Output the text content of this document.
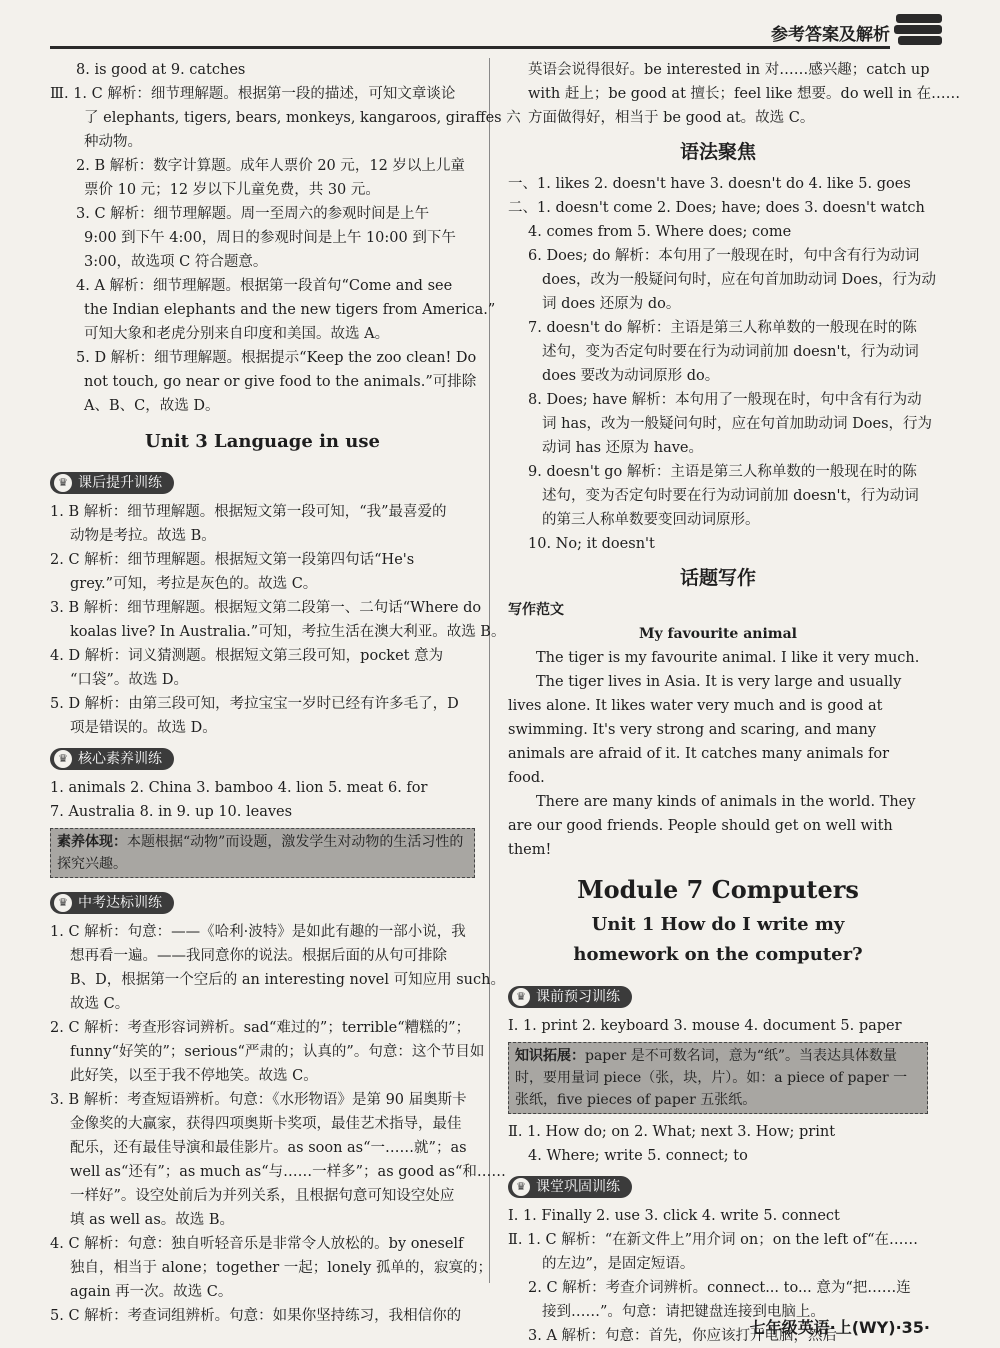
参考答案及解析
8. is good at 9. catches
Ⅲ. 1. C 解析：细节理解题。根据第一段的描述，可知文章谈论
了 elephants, tigers, bears, monkeys, kangaroos, giraffes 六
种动物。
2. B 解析：数字计算题。成年人票价 20 元，12 岁以上儿童
票价 10 元；12 岁以下儿童免费，共 30 元。
3. C 解析：细节理解题。周一至周六的参观时间是上午
9:00 到下午 4:00，周日的参观时间是上午 10:00 到下午
3:00，故选项 C 符合题意。
4. A 解析：细节理解题。根据第一段首句“Come and see
the Indian elephants and the new tigers from America.”
可知大象和老虎分别来自印度和美国。故选 A。
5. D 解析：细节理解题。根据提示“Keep the zoo clean! Do
not touch, go near or give food to the animals.”可排除
A、B、C，故选 D。
Unit 3 Language in use
♛ 课后提升训练
1. B 解析：细节理解题。根据短文第一段可知，“我”最喜爱的
动物是考拉。故选 B。
2. C 解析：细节理解题。根据短文第一段第四句话“He's
grey.”可知，考拉是灰色的。故选 C。
3. B 解析：细节理解题。根据短文第二段第一、二句话“Where do
koalas live? In Australia.”可知，考拉生活在澳大利亚。故选 B。
4. D 解析：词义猜测题。根据短文第三段可知，pocket 意为
“口袋”。故选 D。
5. D 解析：由第三段可知，考拉宝宝一岁时已经有许多毛了，D
项是错误的。故选 D。
♛ 核心素养训练
1. animals 2. China 3. bamboo 4. lion 5. meat 6. for
7. Australia 8. in 9. up 10. leaves
素养体现：本题根据“动物”而设题，激发学生对动物的生活习性的探究兴趣。
♛ 中考达标训练
1. C 解析：句意：——《哈利·波特》是如此有趣的一部小说，我
想再看一遍。——我同意你的说法。根据后面的从句可排除
B、D，根据第一个空后的 an interesting novel 可知应用 such。
故选 C。
2. C 解析：考查形容词辨析。sad“难过的”；terrible“糟糕的”；
funny“好笑的”；serious“严肃的；认真的”。句意：这个节目如
此好笑，以至于我不停地笑。故选 C。
3. B 解析：考查短语辨析。句意：《水形物语》是第 90 届奥斯卡
金像奖的大赢家，获得四项奥斯卡奖项，最佳艺术指导，最佳
配乐，还有最佳导演和最佳影片。as soon as“一……就”；as
well as“还有”；as much as“与……一样多”；as good as“和……
一样好”。设空处前后为并列关系，且根据句意可知设空处应
填 as well as。故选 B。
4. C 解析：句意：独自听轻音乐是非常令人放松的。by oneself
独自，相当于 alone；together 一起；lonely 孤单的，寂寞的；
again 再一次。故选 C。
5. C 解析：考查词组辨析。句意：如果你坚持练习，我相信你的
英语会说得很好。be interested in 对……感兴趣；catch up
with 赶上；be good at 擅长；feel like 想要。do well in 在……
方面做得好，相当于 be good at。故选 C。
语法聚焦
一、1. likes 2. doesn't have 3. doesn't do 4. like 5. goes
二、1. doesn't come 2. Does; have; does 3. doesn't watch
4. comes from 5. Where does; come
6. Does; do 解析：本句用了一般现在时，句中含有行为动词
does，改为一般疑问句时，应在句首加助动词 Does，行为动
词 does 还原为 do。
7. doesn't do 解析：主语是第三人称单数的一般现在时的陈
述句，变为否定句时要在行为动词前加 doesn't，行为动词
does 要改为动词原形 do。
8. Does; have 解析：本句用了一般现在时，句中含有行为动
词 has，改为一般疑问句时，应在句首加助动词 Does，行为
动词 has 还原为 have。
9. doesn't go 解析：主语是第三人称单数的一般现在时的陈
述句，变为否定句时要在行为动词前加 doesn't，行为动词
的第三人称单数要变回动词原形。
10. No; it doesn't
话题写作
写作范文
My favourite animal
The tiger is my favourite animal. I like it very much.
The tiger lives in Asia. It is very large and usually lives alone. It likes water very much and is good at swimming. It's very strong and scaring, and many animals are afraid of it. It catches many animals for food.
There are many kinds of animals in the world. They are our good friends. People should get on well with them!
Module 7 Computers
Unit 1 How do I write my
homework on the computer?
♛ 课前预习训练
Ⅰ. 1. print 2. keyboard 3. mouse 4. document 5. paper
知识拓展：paper 是不可数名词，意为“纸”。当表达具体数量时，要用量词 piece（张，块，片）。如：a piece of paper 一张纸，five pieces of paper 五张纸。
Ⅱ. 1. How do; on 2. What; next 3. How; print
4. Where; write 5. connect; to
♛ 课堂巩固训练
Ⅰ. 1. Finally 2. use 3. click 4. write 5. connect
Ⅱ. 1. C 解析：“在新文件上”用介词 on；on the left of“在……
的左边”，是固定短语。
2. C 解析：考查介词辨析。connect... to... 意为“把……连
接到……”。句意：请把键盘连接到电脑上。
3. A 解析：句意：首先，你应该打开电脑，然后
七年级英语·上(WY)·35·
